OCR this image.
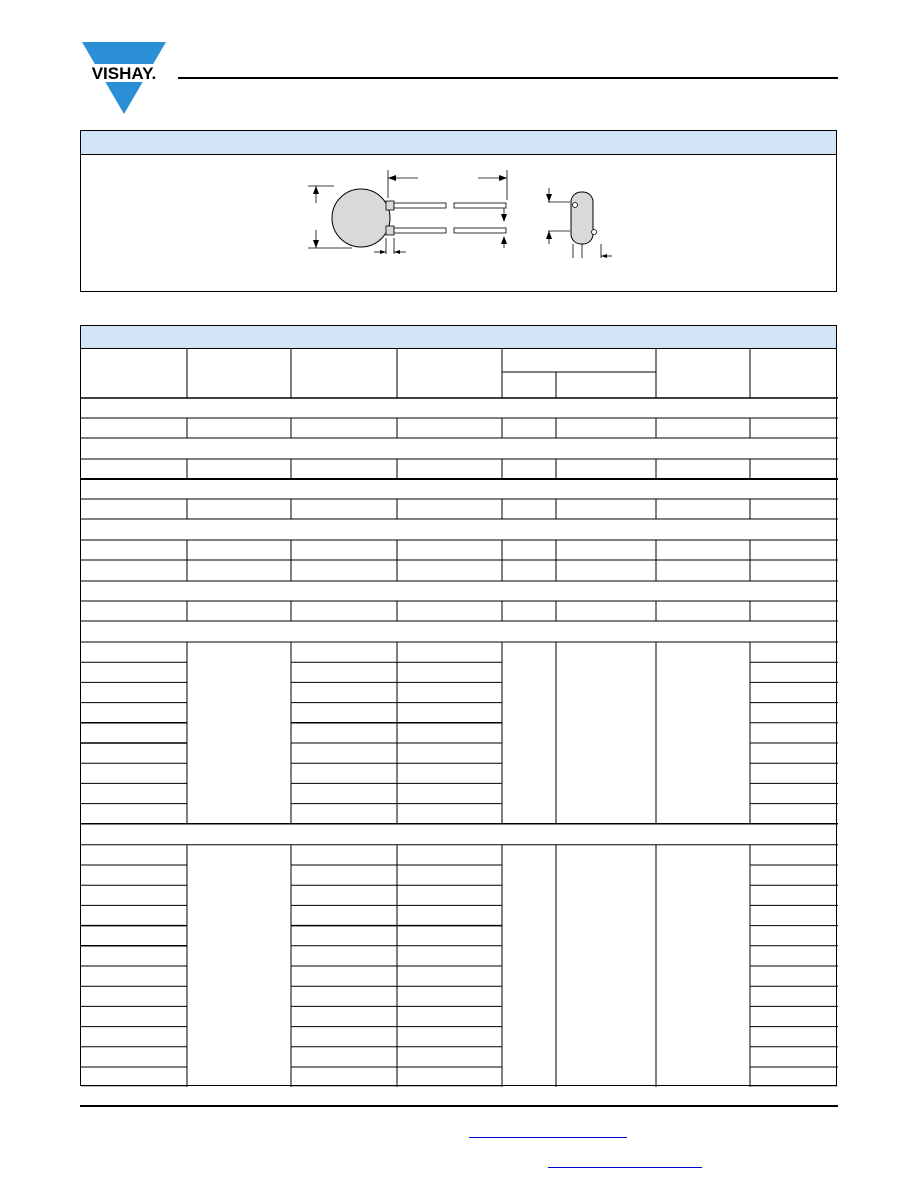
VISHAY.
